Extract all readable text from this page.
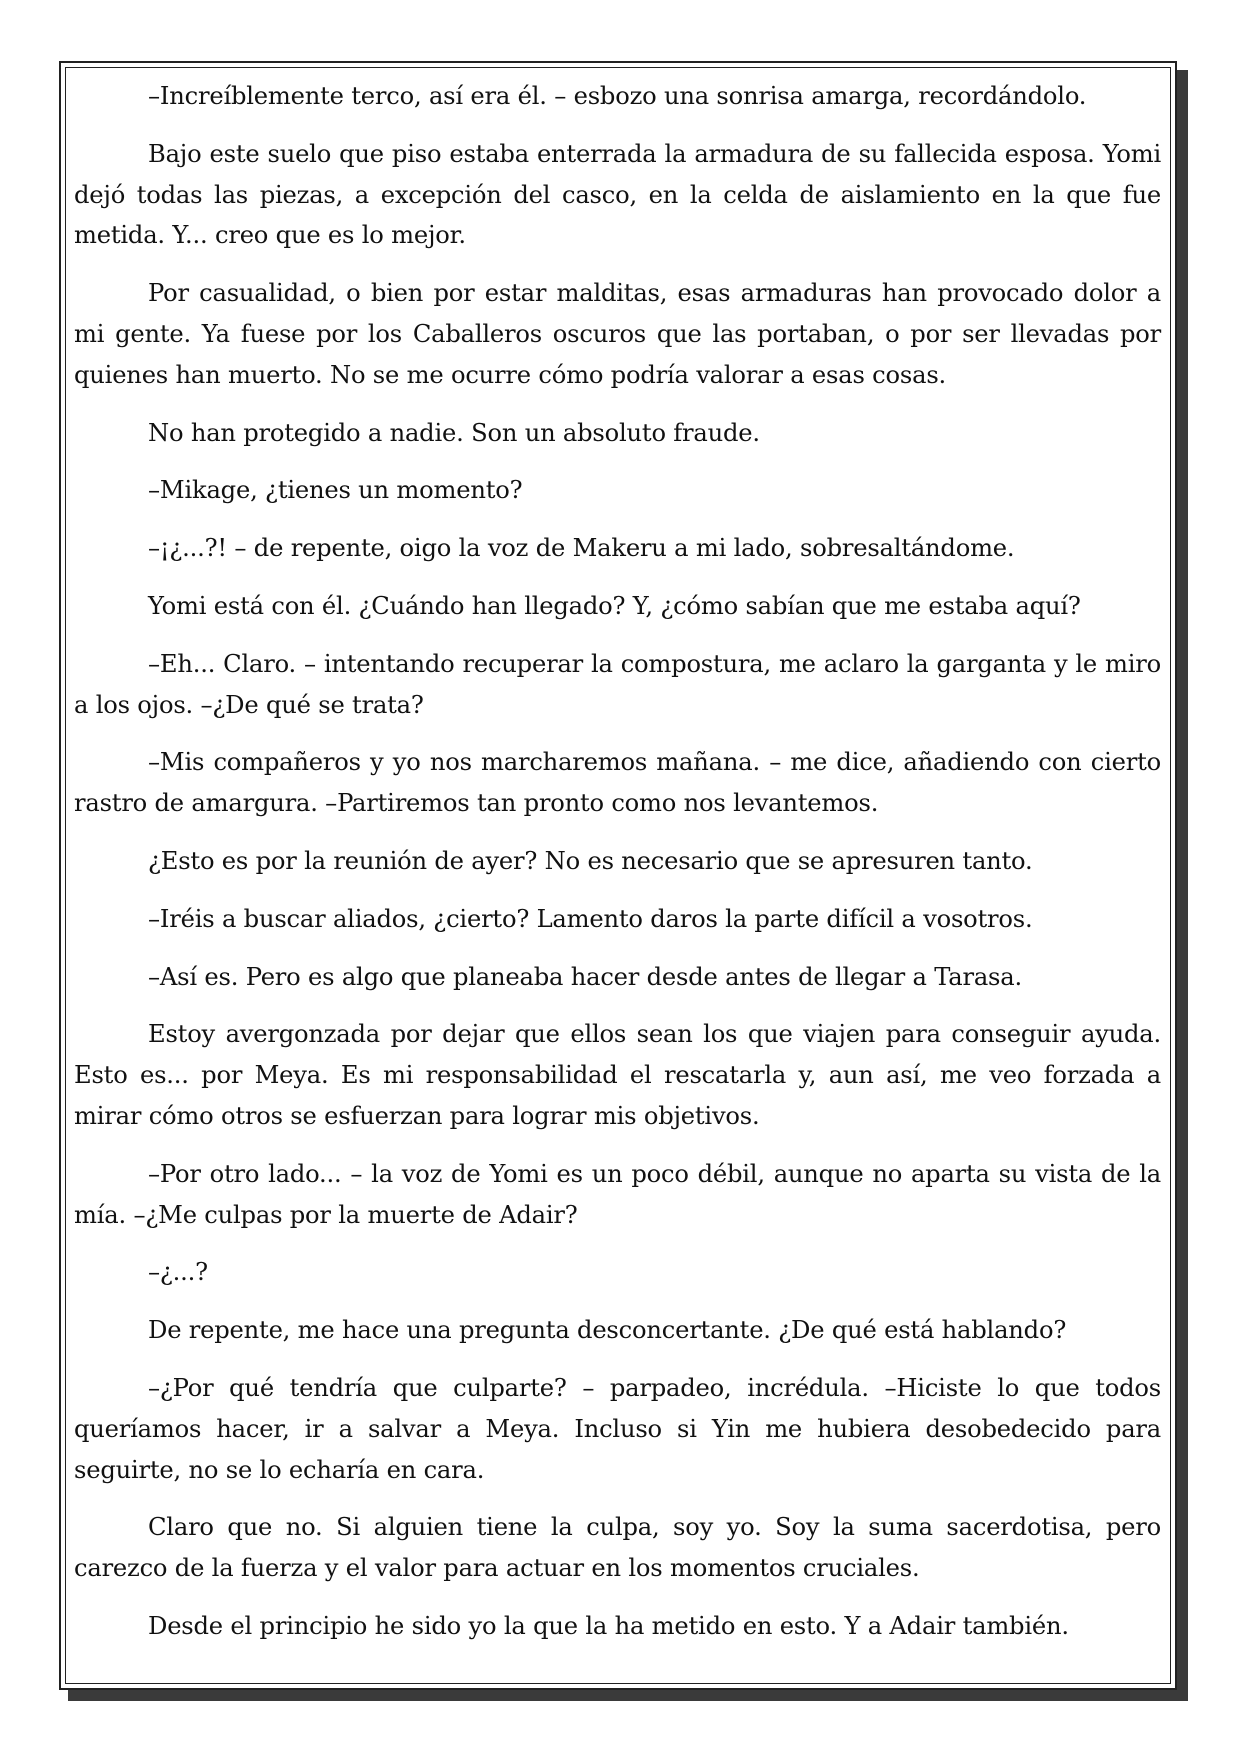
–Increíblemente terco, así era él. – esbozo una sonrisa amarga, recordándolo.

Bajo este suelo que piso estaba enterrada la armadura de su fallecida esposa. Yomi dejó todas las piezas, a excepción del casco, en la celda de aislamiento en la que fue metida. Y... creo que es lo mejor.

Por casualidad, o bien por estar malditas, esas armaduras han provocado dolor a mi gente. Ya fuese por los Caballeros oscuros que las portaban, o por ser llevadas por quienes han muerto. No se me ocurre cómo podría valorar a esas cosas.

No han protegido a nadie. Son un absoluto fraude.

–Mikage, ¿tienes un momento?

–¡¿...?! – de repente, oigo la voz de Makeru a mi lado, sobresaltándome.

Yomi está con él. ¿Cuándo han llegado? Y, ¿cómo sabían que me estaba aquí?

–Eh... Claro. – intentando recuperar la compostura, me aclaro la garganta y le miro a los ojos. –¿De qué se trata?

–Mis compañeros y yo nos marcharemos mañana. – me dice, añadiendo con cierto rastro de amargura. –Partiremos tan pronto como nos levantemos.

¿Esto es por la reunión de ayer? No es necesario que se apresuren tanto.

–Iréis a buscar aliados, ¿cierto? Lamento daros la parte difícil a vosotros.

–Así es. Pero es algo que planeaba hacer desde antes de llegar a Tarasa.

Estoy avergonzada por dejar que ellos sean los que viajen para conseguir ayuda. Esto es... por Meya. Es mi responsabilidad el rescatarla y, aun así, me veo forzada a mirar cómo otros se esfuerzan para lograr mis objetivos.

–Por otro lado... – la voz de Yomi es un poco débil, aunque no aparta su vista de la mía. –¿Me culpas por la muerte de Adair?

–¿...?

De repente, me hace una pregunta desconcertante. ¿De qué está hablando?

–¿Por qué tendría que culparte? – parpadeo, incrédula. –Hiciste lo que todos queríamos hacer, ir a salvar a Meya. Incluso si Yin me hubiera desobedecido para seguirte, no se lo echaría en cara.

Claro que no. Si alguien tiene la culpa, soy yo. Soy la suma sacerdotisa, pero carezco de la fuerza y el valor para actuar en los momentos cruciales.

Desde el principio he sido yo la que la ha metido en esto. Y a Adair también.
